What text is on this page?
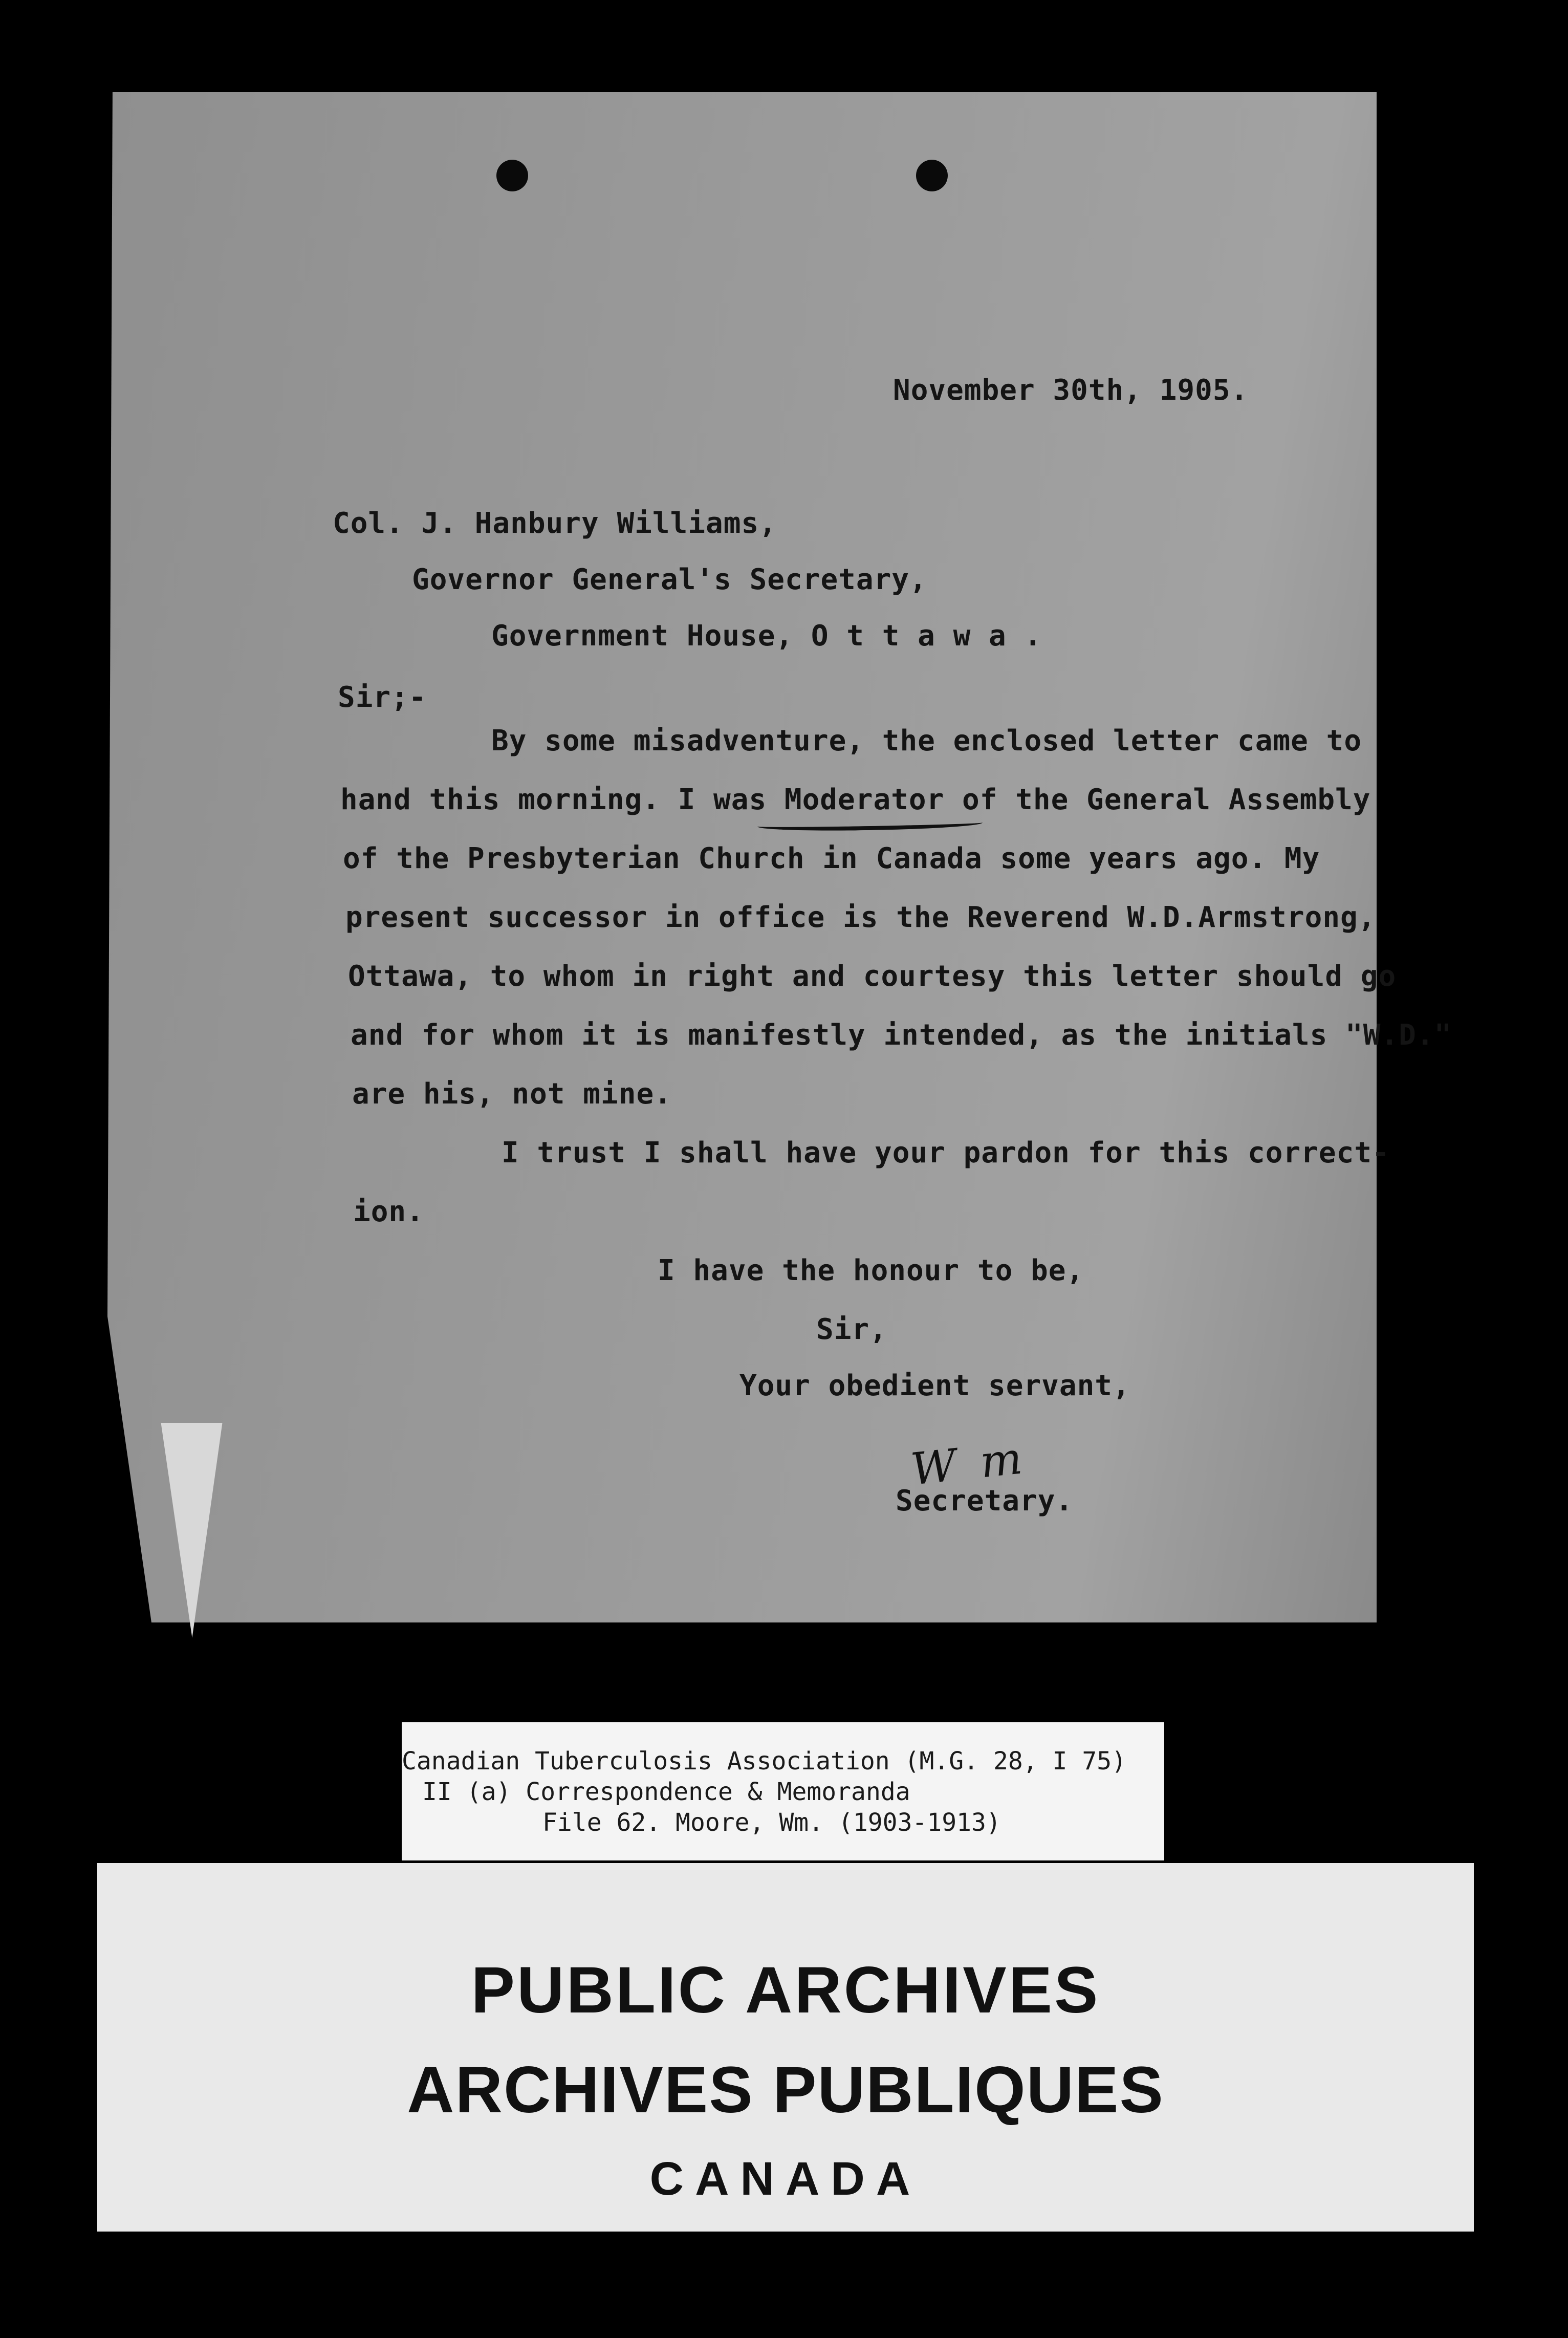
November 30th, 1905.
Col. J. Hanbury Williams,
Governor General's Secretary,
Government House, O t t a w a .
Sir;-
By some misadventure, the enclosed letter came to
hand this morning. I was Moderator of the General Assembly
of the Presbyterian Church in Canada some years ago. My
present successor in office is the Reverend W.D.Armstrong,
Ottawa, to whom in right and courtesy this letter should go
and for whom it is manifestly intended, as the initials "W.D."
are his, not mine.
I trust I shall have your pardon for this correct-
ion.
I have the honour to be,
Sir,
Your obedient servant,
W m
Secretary.
Canadian Tuberculosis Association (M.G. 28, I 75)
II (a) Correspondence & Memoranda
File 62. Moore, Wm. (1903-1913)
PUBLIC ARCHIVES
ARCHIVES PUBLIQUES
CANADA
